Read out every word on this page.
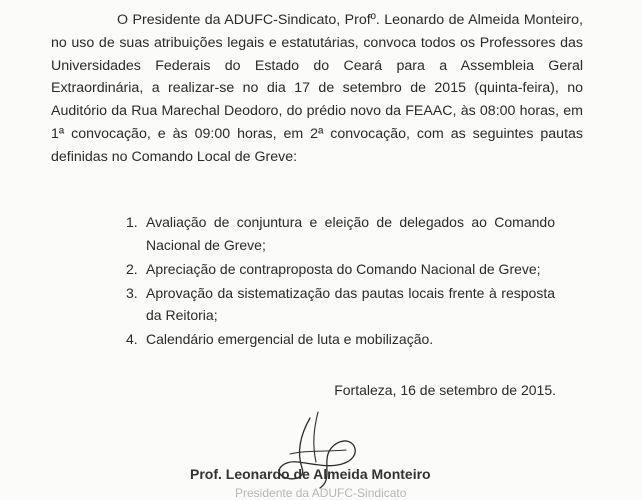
O Presidente da ADUFC-Sindicato, Profº. Leonardo de Almeida Monteiro, no uso de suas atribuições legais e estatutárias, convoca todos os Professores das Universidades Federais do Estado do Ceará para a Assembleia Geral Extraordinária, a realizar-se no dia 17 de setembro de 2015 (quinta-feira), no Auditório da Rua Marechal Deodoro, do prédio novo da FEAAC, às 08:00 horas, em 1ª convocação, e às 09:00 horas, em 2ª convocação, com as seguintes pautas definidas no Comando Local de Greve:

1. Avaliação de conjuntura e eleição de delegados ao Comando Nacional de Greve;
2. Apreciação de contraproposta do Comando Nacional de Greve;
3. Aprovação da sistematização das pautas locais frente à resposta da Reitoria;
4. Calendário emergencial de luta e mobilização.

Fortaleza, 16 de setembro de 2015.

Prof. Leonardo de Almeida Monteiro

Presidente da ADUFC-Sindicato
